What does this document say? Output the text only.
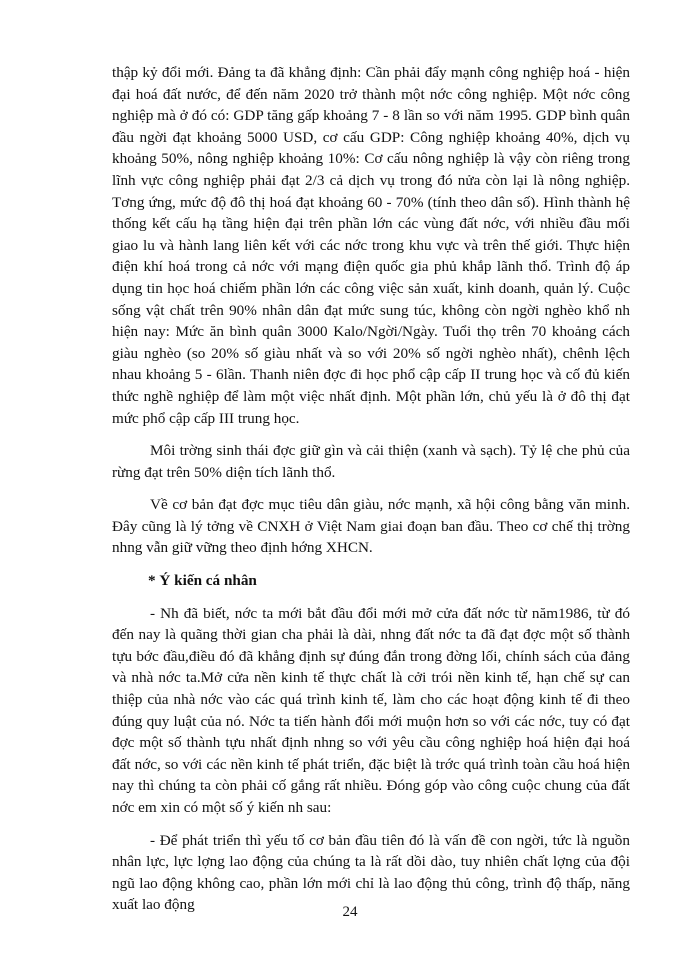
thập kỷ đổi mới. Đảng ta đã khẳng định: Cần phải đẩy mạnh công nghiệp hoá - hiện đại hoá đất nước, để đến năm 2020 trở thành một nớc công nghiệp. Một nớc công nghiệp mà ở đó có: GDP tăng gấp khoảng 7 - 8 lần so với năm 1995. GDP bình quân đầu ngời đạt khoảng 5000 USD, cơ cấu GDP: Công nghiệp khoảng 40%, dịch vụ khoảng 50%, nông nghiệp khoảng 10%: Cơ cấu nông nghiệp là vậy còn riêng trong lĩnh vực công nghiệp phải đạt 2/3 cả dịch vụ trong đó nửa còn lại là nông nghiệp. Tơng ứng, mức độ đô thị hoá đạt khoảng 60 - 70% (tính theo dân số). Hình thành hệ thống kết cấu hạ tầng hiện đại trên phần lớn các vùng đất nớc, với nhiều đầu mối giao lu và hành lang liên kết với các nớc trong khu vực và trên thế giới. Thực hiện điện khí hoá trong cả nớc với mạng điện quốc gia phủ khắp lãnh thổ. Trình độ áp dụng tin học hoá chiếm phần lớn các công việc sản xuất, kinh doanh, quản lý. Cuộc sống vật chất trên 90% nhân dân đạt mức sung túc, không còn ngời nghèo khổ nh hiện nay: Mức ăn bình quân 3000 Kalo/Ngời/Ngày. Tuổi thọ trên 70 khoảng cách giàu nghèo (so 20% số giàu nhất và so với 20% số ngời nghèo nhất), chênh lệch nhau khoảng 5 - 6lần. Thanh niên đợc đi học phổ cập cấp II trung học và cố đủ kiến thức nghề nghiệp để làm một việc nhất định. Một phần lớn, chủ yếu là ở đô thị đạt mức phổ cập cấp III trung học.

Môi trờng sinh thái đợc giữ gìn và cải thiện (xanh và sạch). Tỷ lệ che phủ của rừng đạt trên 50% diện tích lãnh thổ.

Về cơ bản đạt đợc mục tiêu dân giàu, nớc mạnh, xã hội công bằng văn minh. Đây cũng là lý tởng về CNXH ở Việt Nam giai đoạn ban đầu. Theo cơ chế thị trờng nhng vẫn giữ vững theo định hớng XHCN.

* Ý kiến cá nhân

- Nh đã biết, nớc ta mới bắt đầu đổi mới mở cửa đất nớc từ năm1986, từ đó đến nay là quãng thời gian cha phải là dài, nhng đất nớc ta đã đạt đợc một số thành tựu bớc đầu,điều đó đã khẳng định sự đúng đắn trong đờng lối, chính sách của đảng và nhà nớc ta.Mở cửa nền kinh tế thực chất là cởi trói nền kinh tế, hạn chế sự can thiệp của nhà nớc vào các quá trình kinh tế, làm cho các hoạt động kinh tế đi theo đúng quy luật của nó. Nớc ta tiến hành đổi mới muộn hơn so với các nớc, tuy có đạt đợc một số thành tựu nhất định nhng so với yêu cầu công nghiệp hoá hiện đại hoá đất nớc, so với các nền kinh tế phát triển, đặc biệt là trớc quá trình toàn cầu hoá hiện nay thì chúng ta còn phải cố gắng rất nhiều. Đóng góp vào công cuộc chung của đất nớc em xin có một số ý kiến nh sau:

- Để phát triển thì yếu tố cơ bản đầu tiên đó là vấn đề con ngời, tức là nguồn nhân lực, lực lợng lao động của chúng ta là rất dồi dào, tuy nhiên chất lợng của đội ngũ lao động không cao, phần lớn mới chỉ là lao động thủ công, trình độ thấp, năng xuất lao động	24
